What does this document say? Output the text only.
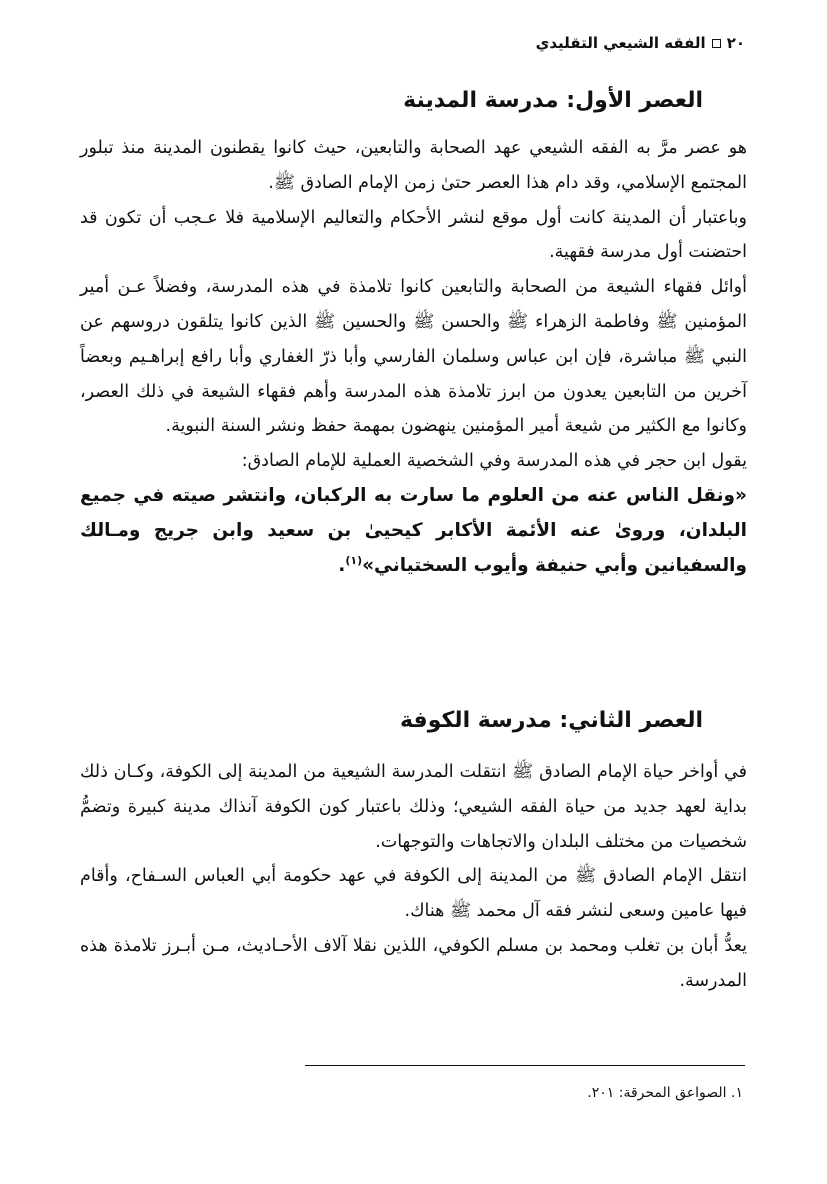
٢٠
الفقه الشيعي التقليدي
العصر الأول: مدرسة المدينة

هو عصر مرَّ به الفقه الشيعي عهد الصحابة والتابعين، حيث كانوا يقطنون المدينة منذ تبلور المجتمع الإسلامي، وقد دام هذا العصر حتىٰ زمن الإمام الصادق ﷺ.

وباعتبار أن المدينة كانت أول موقع لنشر الأحكام والتعاليم الإسلامية فلا عـجب أن تكون قد احتضنت أول مدرسة فقهية.

أوائل فقهاء الشيعة من الصحابة والتابعين كانوا تلامذة في هذه المدرسة، وفضلاً عـن أمير المؤمنين ﷺ وفاطمة الزهراء ﷺ والحسن ﷺ والحسين ﷺ الذين كانوا يتلقون دروسهم عن النبي ﷺ مباشرة، فإن ابن عباس وسلمان الفارسي وأبا ذرّ الغفاري وأبا رافع إبراهـيم وبعضاً آخرين من التابعين يعدون من ابرز تلامذة هذه المدرسة وأهم فقهاء الشيعة في ذلك العصر، وكانوا مع الكثير من شيعة أمير المؤمنين ينهضون بمهمة حفظ ونشر السنة النبوية.

يقول ابن حجر في هذه المدرسة وفي الشخصية العملية للإمام الصادق:

«ونقل الناس عنه من العلوم ما سارت به الركبان، وانتشر صيته في جميع البلدان، وروىٰ عنه الأئمة الأكابر كيحيىٰ بن سعيد وابن جريج ومـالك والسفيانين وأبي حنيفة وأيوب السختياني»$^{(١)}$.

العصر الثاني: مدرسة الكوفة

في أواخر حياة الإمام الصادق ﷺ انتقلت المدرسة الشيعية من المدينة إلى الكوفة، وكـان ذلك بداية لعهد جديد من حياة الفقه الشيعي؛ وذلك باعتبار كون الكوفة آنذاك مدينة كبيرة وتضمُّ شخصيات من مختلف البلدان والاتجاهات والتوجهات.

انتقل الإمام الصادق ﷺ من المدينة إلى الكوفة في عهد حكومة أبي العباس السـفاح، وأقام فيها عامين وسعى لنشر فقه آل محمد ﷺ هناك.

يعدُّ أبان بن تغلب ومحمد بن مسلم الكوفي، اللذين نقلا آلاف الأحـاديث، مـن أبـرز تلامذة هذه المدرسة.

١. الصواعق المحرقة: ٢٠١.
